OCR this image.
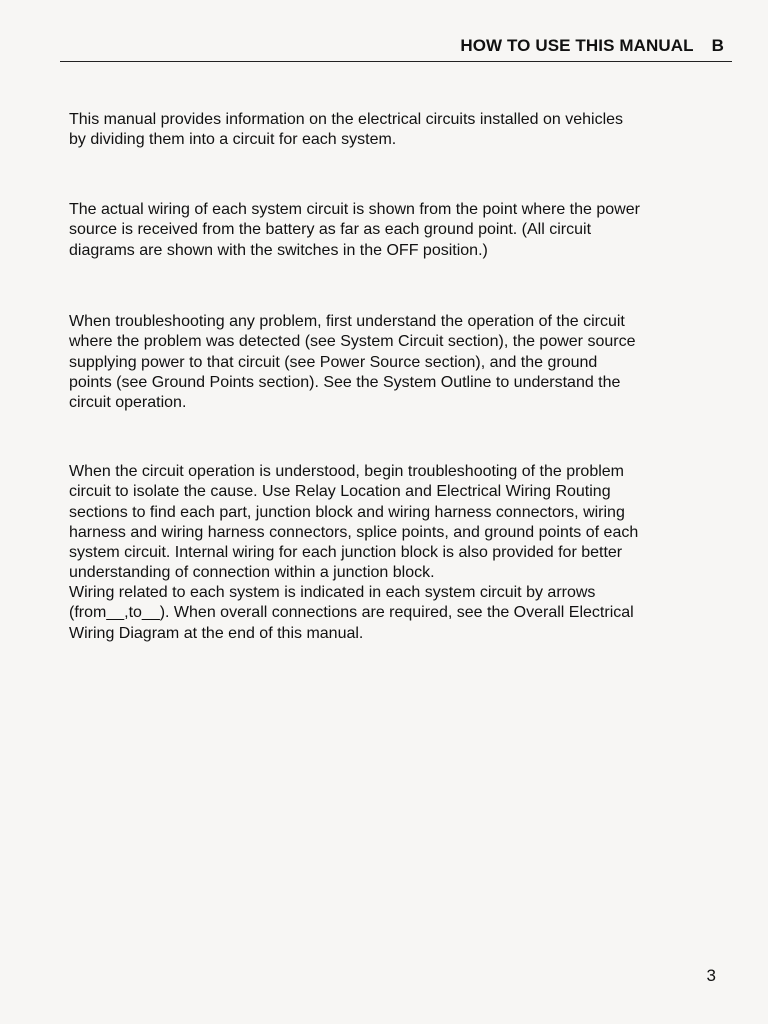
HOW TO USE THIS MANUAL B
This manual provides information on the electrical circuits installed on vehicles
by dividing them into a circuit for each system.
The actual wiring of each system circuit is shown from the point where the power
source is received from the battery as far as each ground point. (All circuit
diagrams are shown with the switches in the OFF position.)
When troubleshooting any problem, first understand the operation of the circuit
where the problem was detected (see System Circuit section), the power source
supplying power to that circuit (see Power Source section), and the ground
points (see Ground Points section). See the System Outline to understand the
circuit operation.
When the circuit operation is understood, begin troubleshooting of the problem
circuit to isolate the cause. Use Relay Location and Electrical Wiring Routing
sections to find each part, junction block and wiring harness connectors, wiring
harness and wiring harness connectors, splice points, and ground points of each
system circuit. Internal wiring for each junction block is also provided for better
understanding of connection within a junction block.
Wiring related to each system is indicated in each system circuit by arrows
(from__,to__). When overall connections are required, see the Overall Electrical
Wiring Diagram at the end of this manual.
3
